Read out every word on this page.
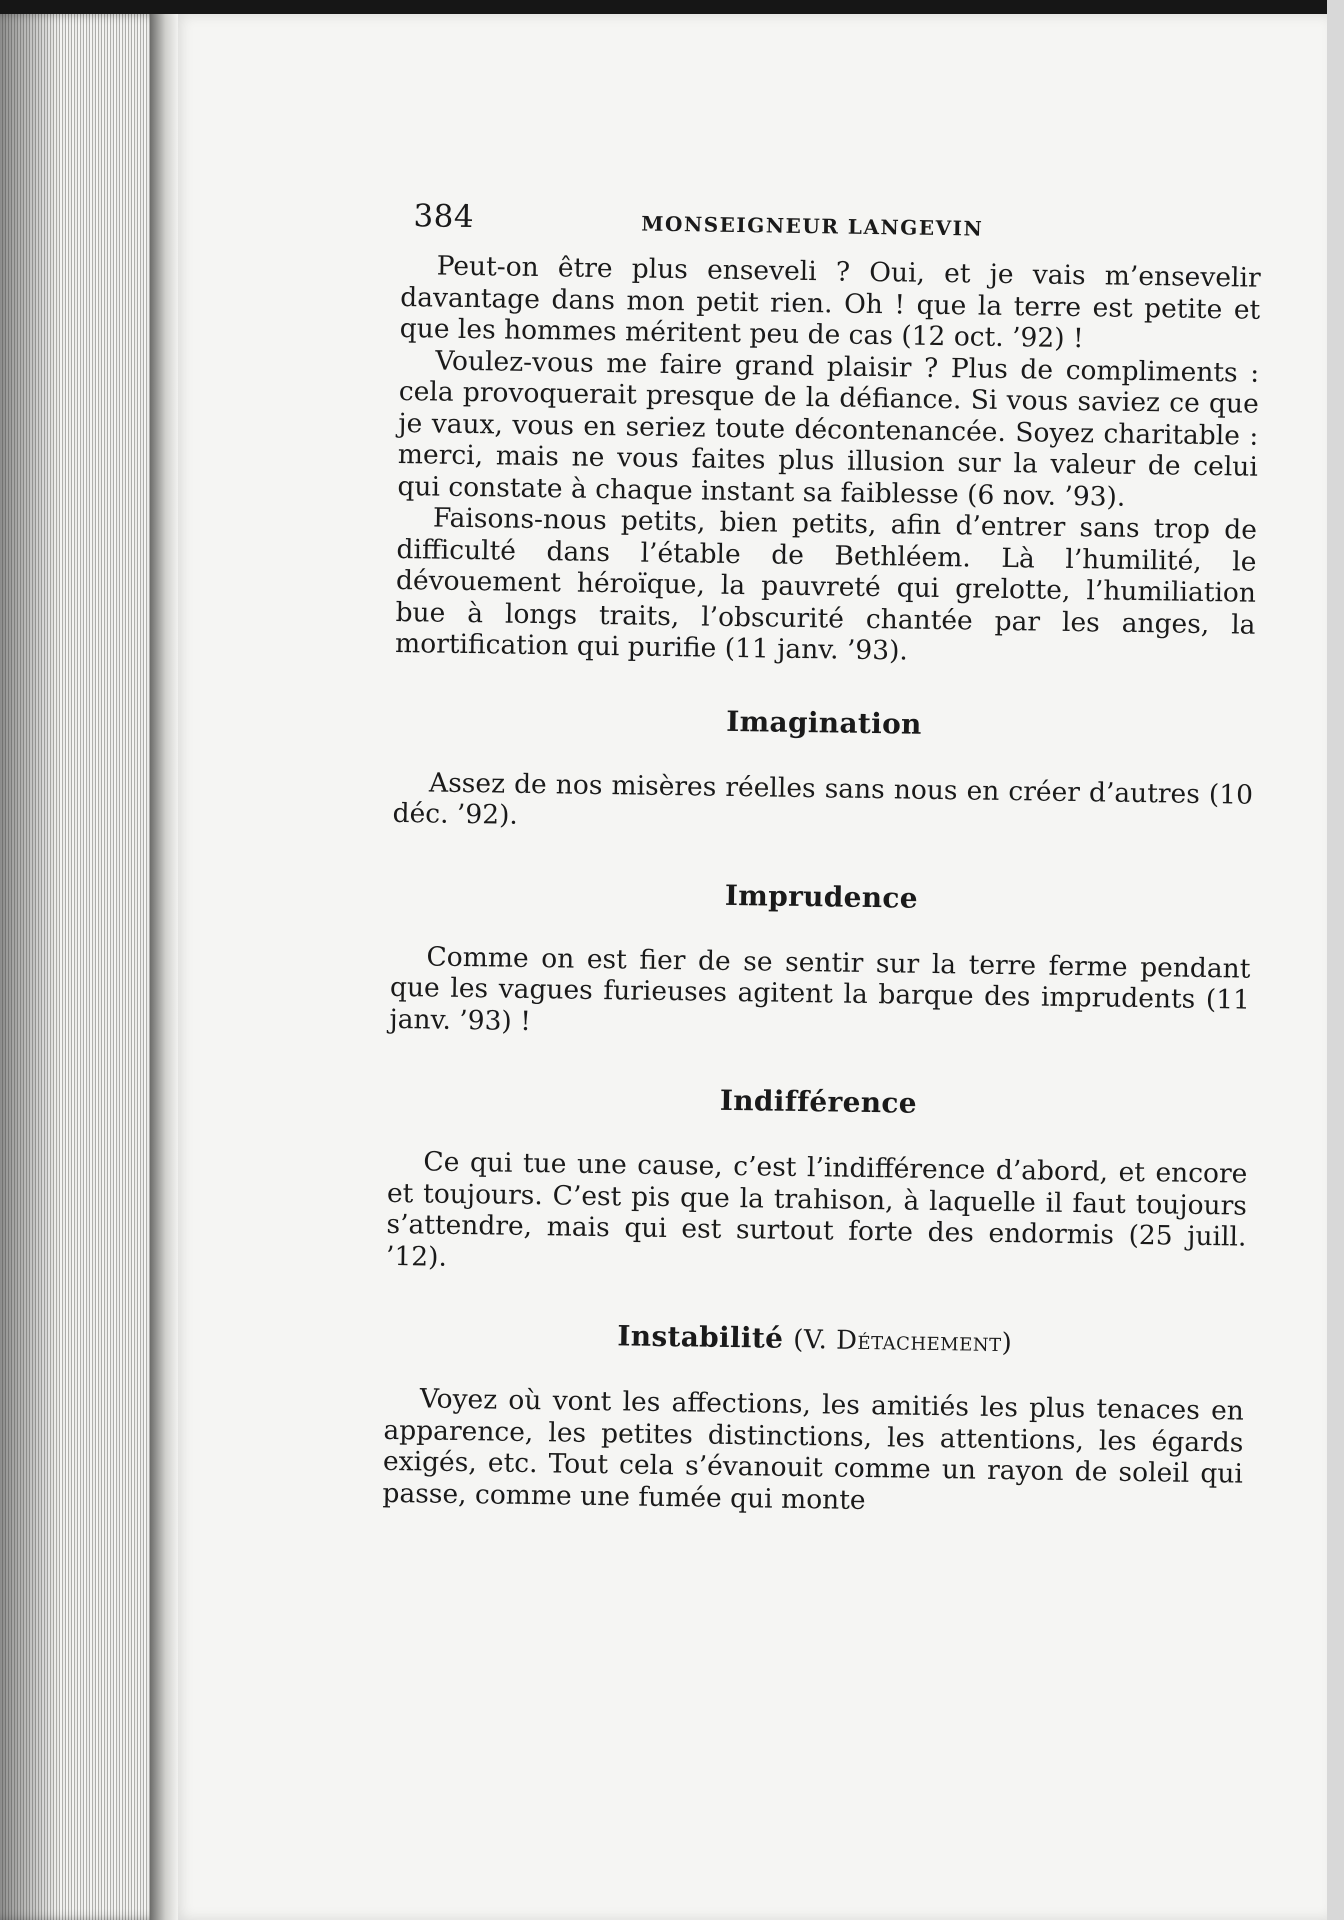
384	MONSEIGNEUR LANGEVIN

Peut-on être plus enseveli ? Oui, et je vais m’ensevelir davantage dans mon petit rien. Oh ! que la terre est petite et que les hommes méritent peu de cas (12 oct. ’92) !

Voulez-vous me faire grand plaisir ? Plus de compliments : cela provoquerait presque de la défiance. Si vous saviez ce que je vaux, vous en seriez toute décontenancée. Soyez charitable : merci, mais ne vous faites plus illusion sur la valeur de celui qui constate à chaque instant sa faiblesse (6 nov. ’93).

Faisons-nous petits, bien petits, afin d’entrer sans trop de difficulté dans l’étable de Bethléem. Là l’humilité, le dévouement héroïque, la pauvreté qui grelotte, l’humiliation bue à longs traits, l’obscurité chantée par les anges, la mortification qui purifie (11 janv. ’93).

Imagination

Assez de nos misères réelles sans nous en créer d’autres (10 déc. ’92).

Imprudence

Comme on est fier de se sentir sur la terre ferme pendant que les vagues furieuses agitent la barque des imprudents (11 janv. ’93) !

Indifférence

Ce qui tue une cause, c’est l’indifférence d’abord, et encore et toujours. C’est pis que la trahison, à laquelle il faut toujours s’attendre, mais qui est surtout forte des endormis (25 juill. ’12).

Instabilité (V. Détachement)

Voyez où vont les affections, les amitiés les plus tenaces en apparence, les petites distinctions, les attentions, les égards exigés, etc. Tout cela s’évanouit comme un rayon de soleil qui passe, comme une fumée qui monte
